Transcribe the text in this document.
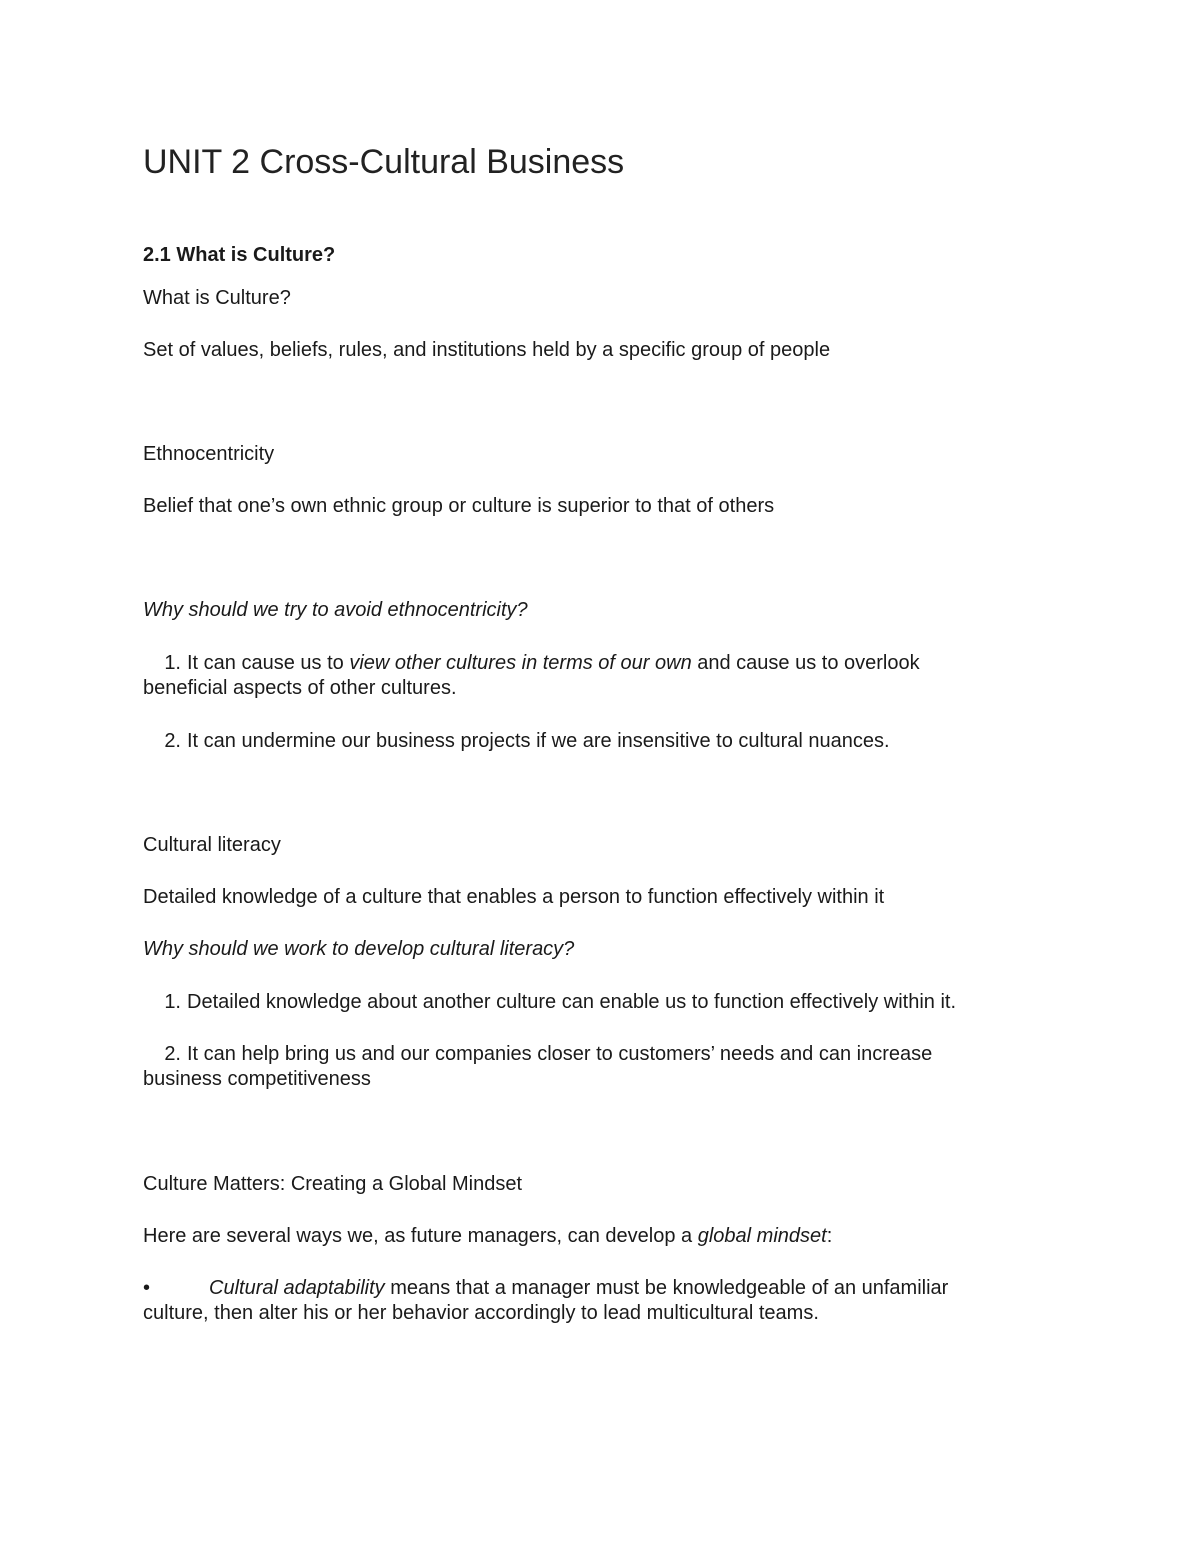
UNIT 2 Cross-Cultural Business
2.1 What is Culture?
What is Culture?
Set of values, beliefs, rules, and institutions held by a specific group of people
Ethnocentricity
Belief that one’s own ethnic group or culture is superior to that of others
Why should we try to avoid ethnocentricity?
1. It can cause us to view other cultures in terms of our own and cause us to overlook
beneficial aspects of other cultures.
2. It can undermine our business projects if we are insensitive to cultural nuances.
Cultural literacy
Detailed knowledge of a culture that enables a person to function effectively within it
Why should we work to develop cultural literacy?
1. Detailed knowledge about another culture can enable us to function effectively within it.
2. It can help bring us and our companies closer to customers’ needs and can increase
business competitiveness
Culture Matters: Creating a Global Mindset
Here are several ways we, as future managers, can develop a global mindset:
•	Cultural adaptability means that a manager must be knowledgeable of an unfamiliar
culture, then alter his or her behavior accordingly to lead multicultural teams.
